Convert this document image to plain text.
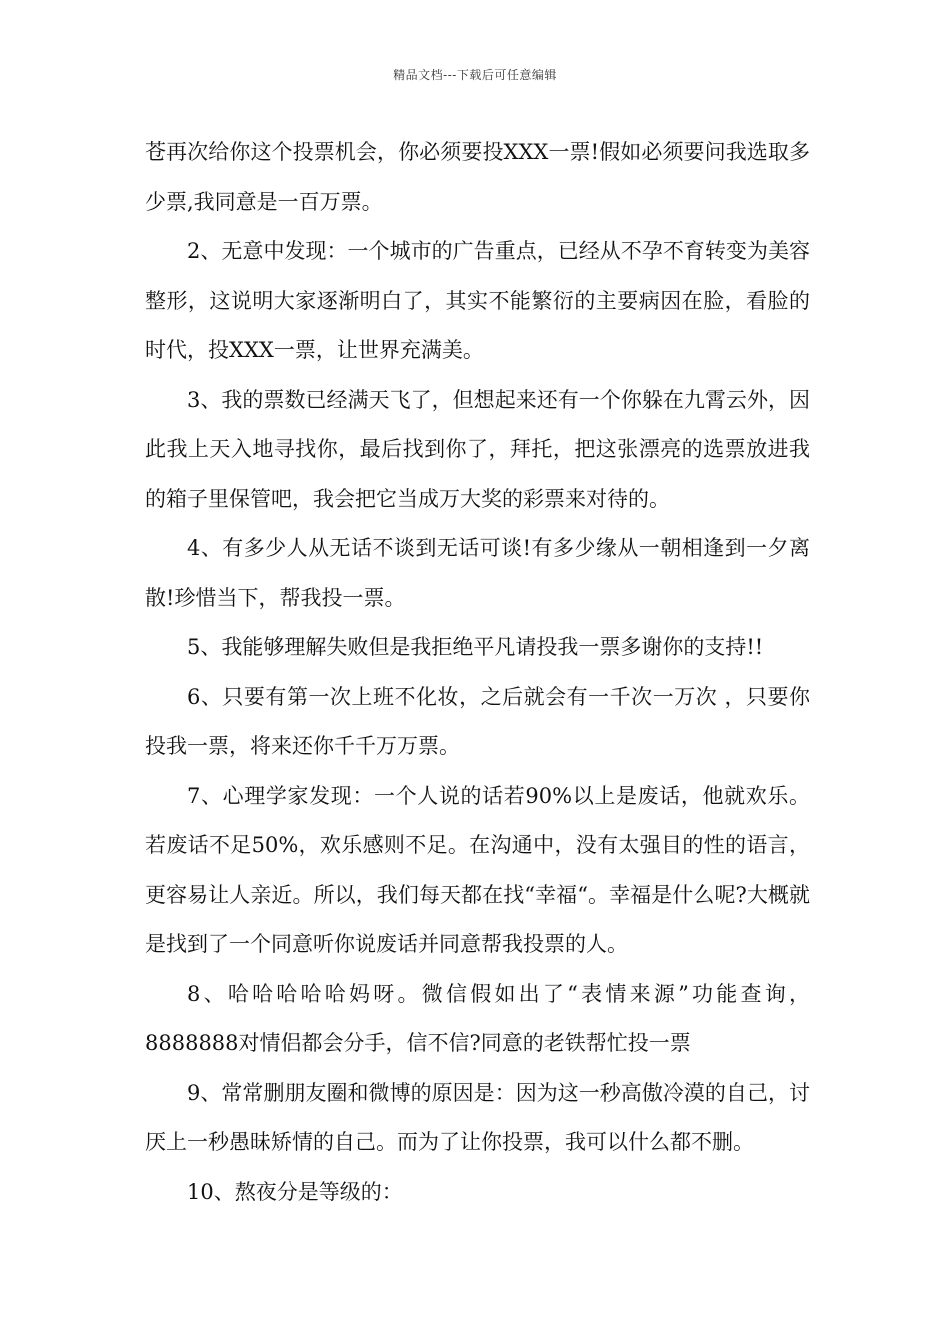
精品文档---下载后可任意编辑

苍再次给你这个投票机会，你必须要投XXX一票!假如必须要问我选取多少票,我同意是一百万票。

2、无意中发现：一个城市的广告重点，已经从不孕不育转变为美容整形，这说明大家逐渐明白了，其实不能繁衍的主要病因在脸，看脸的时代，投XXX一票，让世界充满美。

3、我的票数已经满天飞了，但想起来还有一个你躲在九霄云外，因此我上天入地寻找你，最后找到你了，拜托，把这张漂亮的选票放进我的箱子里保管吧，我会把它当成万大奖的彩票来对待的。

4、有多少人从无话不谈到无话可谈!有多少缘从一朝相逢到一夕离散!珍惜当下，帮我投一票。

5、我能够理解失败但是我拒绝平凡请投我一票多谢你的支持!!

6、只要有第一次上班不化妆，之后就会有一千次一万次 ，只要你投我一票，将来还你千千万万票。

7、心理学家发现：一个人说的话若90%以上是废话，他就欢乐。若废话不足50%，欢乐感则不足。在沟通中，没有太强目的性的语言，更容易让人亲近。所以，我们每天都在找“幸福“。幸福是什么呢?大概就是找到了一个同意听你说废话并同意帮我投票的人。

8、哈哈哈哈哈妈呀。微信假如出了“表情来源”功能查询，8888888对情侣都会分手，信不信?同意的老铁帮忙投一票

9、常常删朋友圈和微博的原因是：因为这一秒高傲冷漠的自己，讨厌上一秒愚昧矫情的自己。而为了让你投票，我可以什么都不删。

10、熬夜分是等级的：
